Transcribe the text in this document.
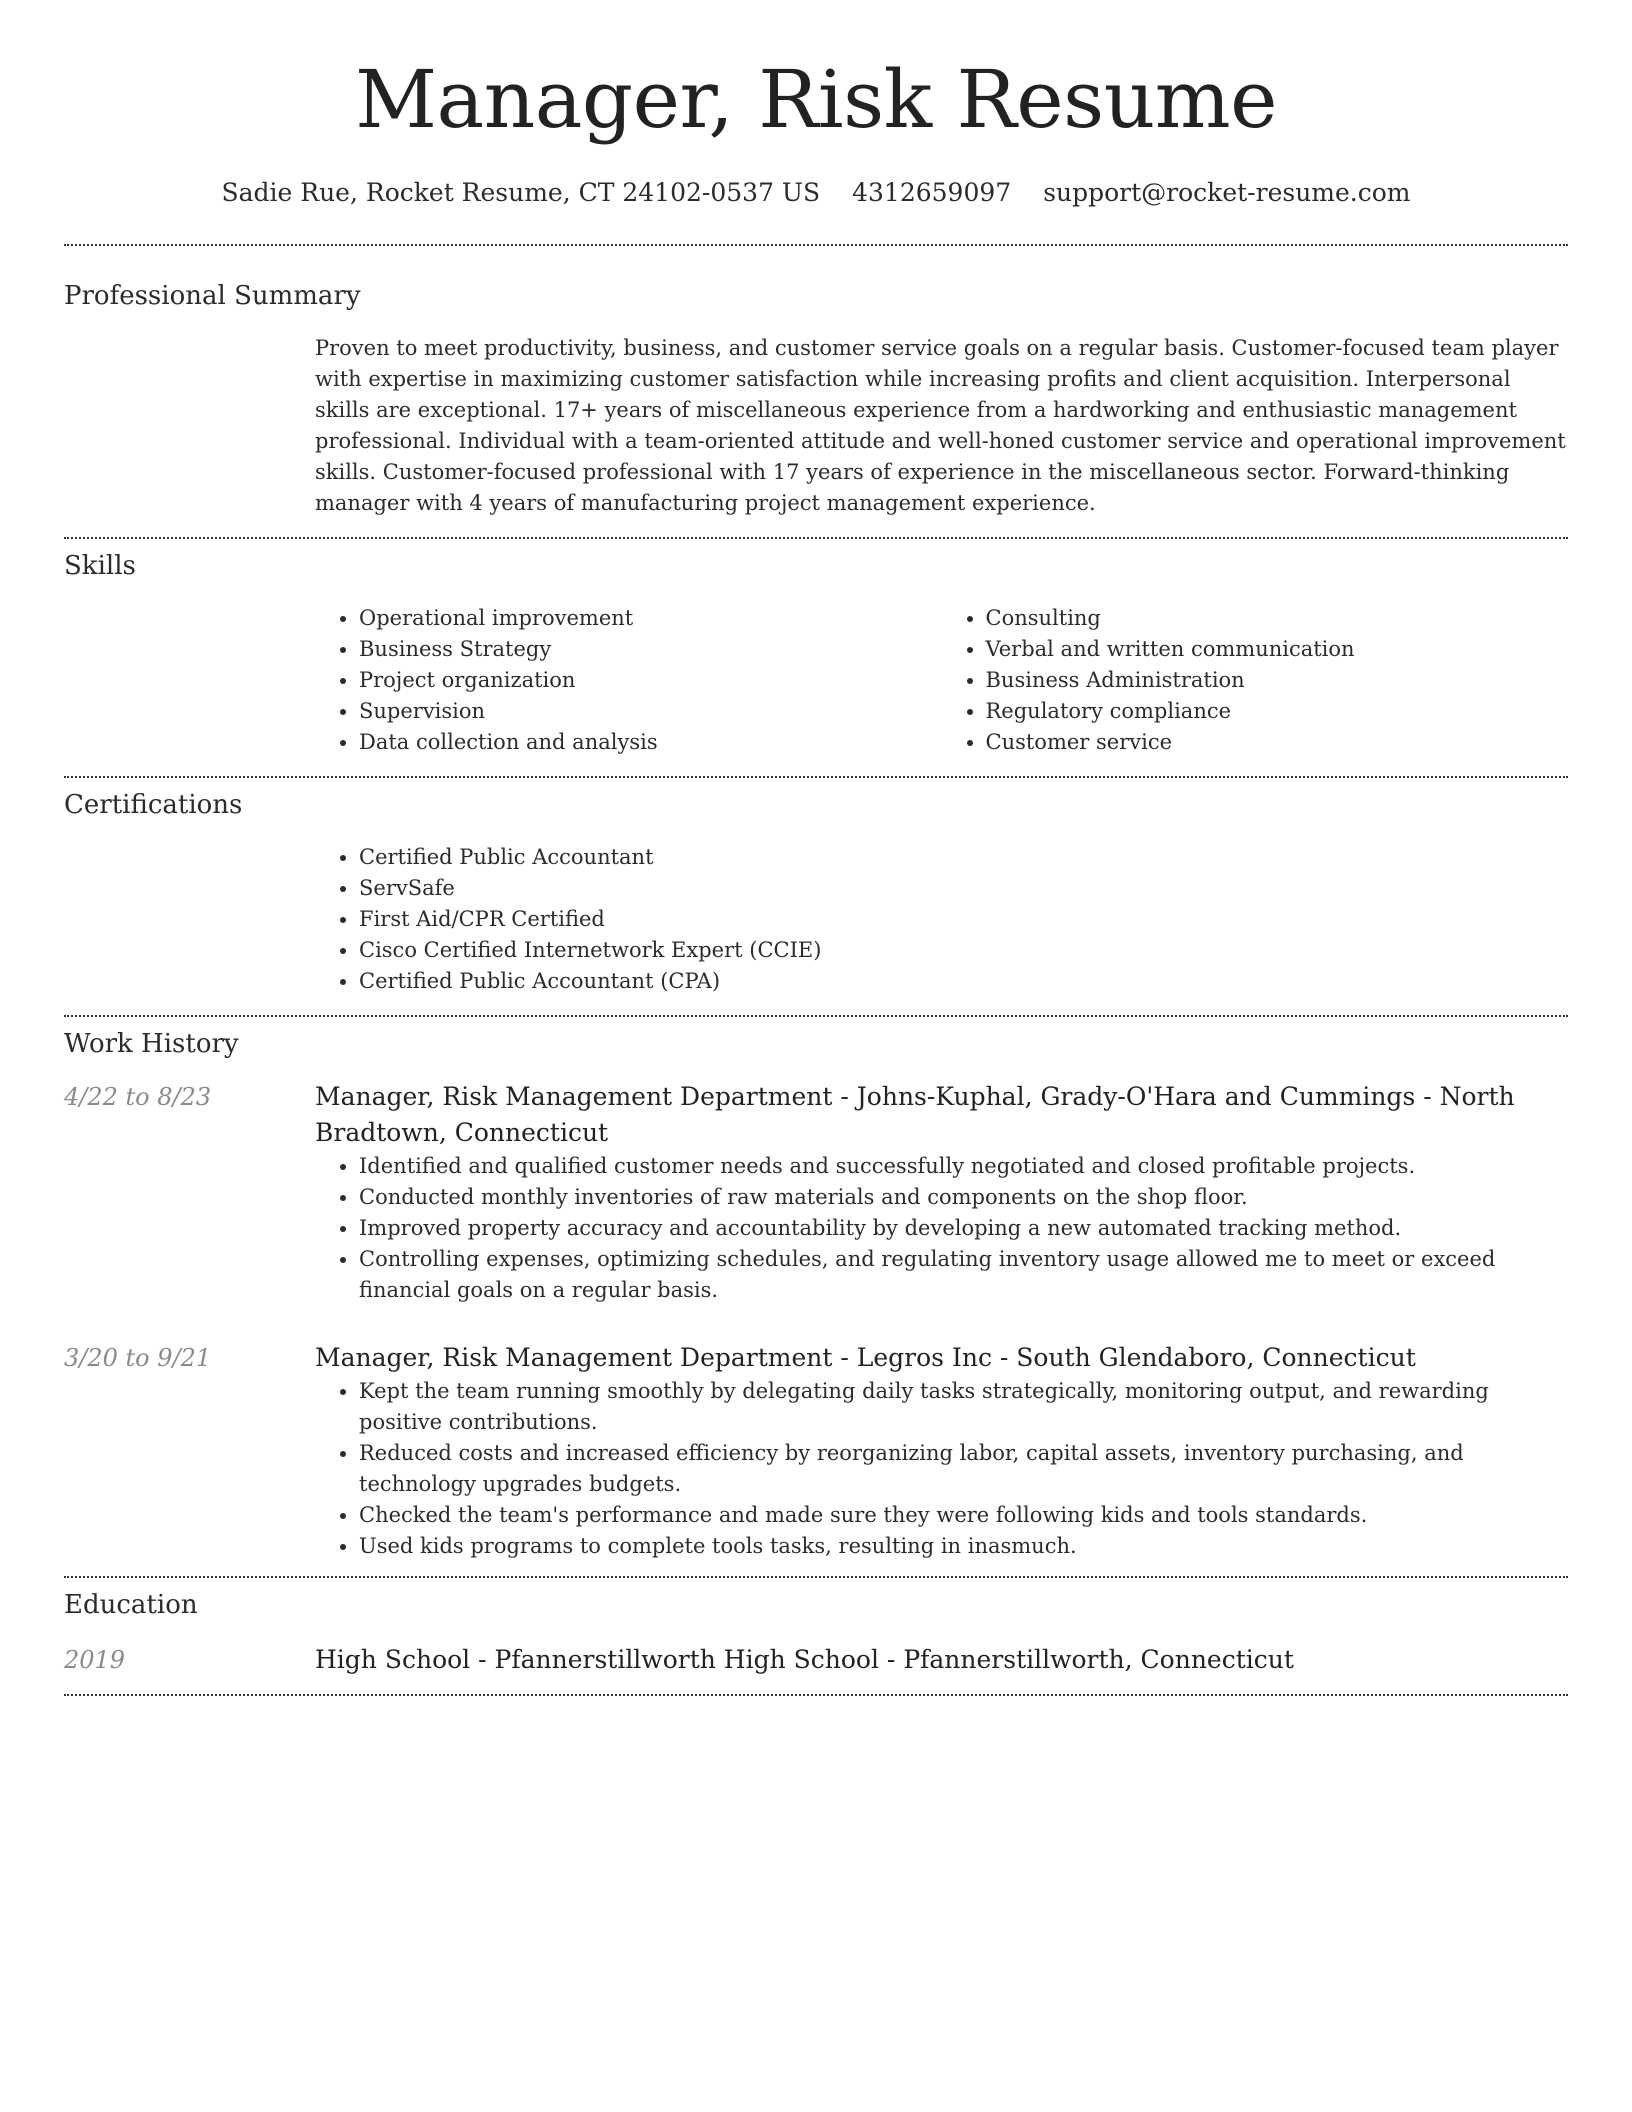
Manager, Risk Resume
Sadie Rue, Rocket Resume, CT 24102-0537 US 4312659097 support@rocket-resume.com
Professional Summary

Proven to meet productivity, business, and customer service goals on a regular basis. Customer-focused team player with expertise in maximizing customer satisfaction while increasing profits and client acquisition. Interpersonal skills are exceptional. 17+ years of miscellaneous experience from a hardworking and enthusiastic management professional. Individual with a team-oriented attitude and well-honed customer service and operational improvement skills. Customer-focused professional with 17 years of experience in the miscellaneous sector. Forward-thinking manager with 4 years of manufacturing project management experience.

Skills
• Operational improvement
• Business Strategy
• Project organization
• Supervision
• Data collection and analysis
• Consulting
• Verbal and written communication
• Business Administration
• Regulatory compliance
• Customer service
Certifications
• Certified Public Accountant
• ServSafe
• First Aid/CPR Certified
• Cisco Certified Internetwork Expert (CCIE)
• Certified Public Accountant (CPA)
Work History
4/22 to 8/23	Manager, Risk Management Department - Johns-Kuphal, Grady-O'Hara and Cummings - North Bradtown, Connecticut
• Identified and qualified customer needs and successfully negotiated and closed profitable projects.
• Conducted monthly inventories of raw materials and components on the shop floor.
• Improved property accuracy and accountability by developing a new automated tracking method.
• Controlling expenses, optimizing schedules, and regulating inventory usage allowed me to meet or exceed financial goals on a regular basis.
3/20 to 9/21	Manager, Risk Management Department - Legros Inc - South Glendaboro, Connecticut
• Kept the team running smoothly by delegating daily tasks strategically, monitoring output, and rewarding positive contributions.
• Reduced costs and increased efficiency by reorganizing labor, capital assets, inventory purchasing, and technology upgrades budgets.
• Checked the team's performance and made sure they were following kids and tools standards.
• Used kids programs to complete tools tasks, resulting in inasmuch.
Education
2019	High School - Pfannerstillworth High School - Pfannerstillworth, Connecticut
